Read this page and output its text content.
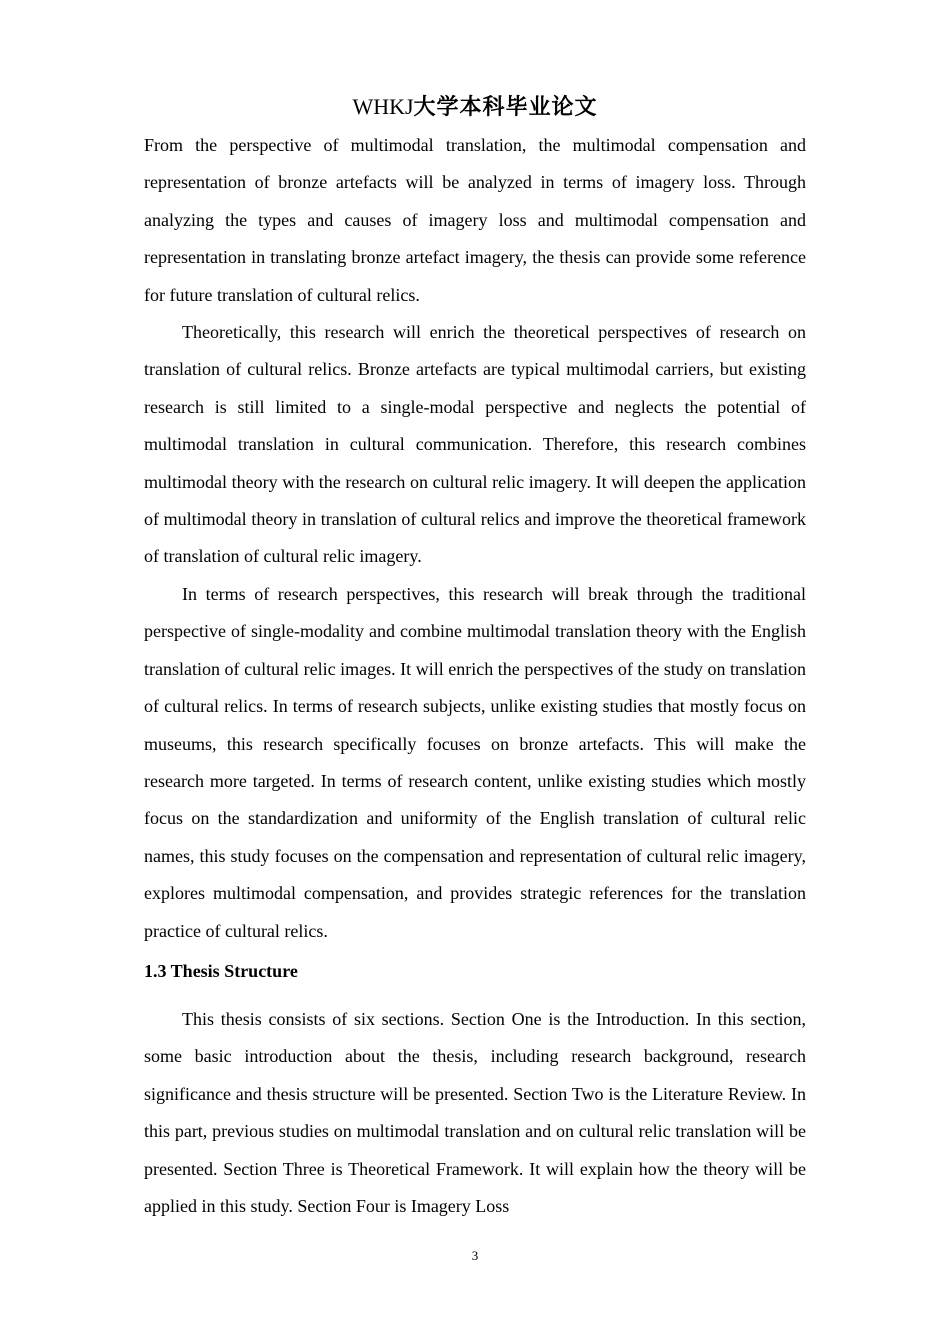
WHKJ大学本科毕业论文

From the perspective of multimodal translation, the multimodal compensation and representation of bronze artefacts will be analyzed in terms of imagery loss. Through analyzing the types and causes of imagery loss and multimodal compensation and representation in translating bronze artefact imagery, the thesis can provide some reference for future translation of cultural relics.

Theoretically, this research will enrich the theoretical perspectives of research on translation of cultural relics. Bronze artefacts are typical multimodal carriers, but existing research is still limited to a single-modal perspective and neglects the potential of multimodal translation in cultural communication. Therefore, this research combines multimodal theory with the research on cultural relic imagery. It will deepen the application of multimodal theory in translation of cultural relics and improve the theoretical framework of translation of cultural relic imagery.

In terms of research perspectives, this research will break through the traditional perspective of single-modality and combine multimodal translation theory with the English translation of cultural relic images. It will enrich the perspectives of the study on translation of cultural relics. In terms of research subjects, unlike existing studies that mostly focus on museums, this research specifically focuses on bronze artefacts. This will make the research more targeted. In terms of research content, unlike existing studies which mostly focus on the standardization and uniformity of the English translation of cultural relic names, this study focuses on the compensation and representation of cultural relic imagery, explores multimodal compensation, and provides strategic references for the translation practice of cultural relics.

1.3 Thesis Structure

This thesis consists of six sections. Section One is the Introduction. In this section, some basic introduction about the thesis, including research background, research significance and thesis structure will be presented. Section Two is the Literature Review. In this part, previous studies on multimodal translation and on cultural relic translation will be presented. Section Three is Theoretical Framework. It will explain how the theory will be applied in this study. Section Four is Imagery Loss

3
